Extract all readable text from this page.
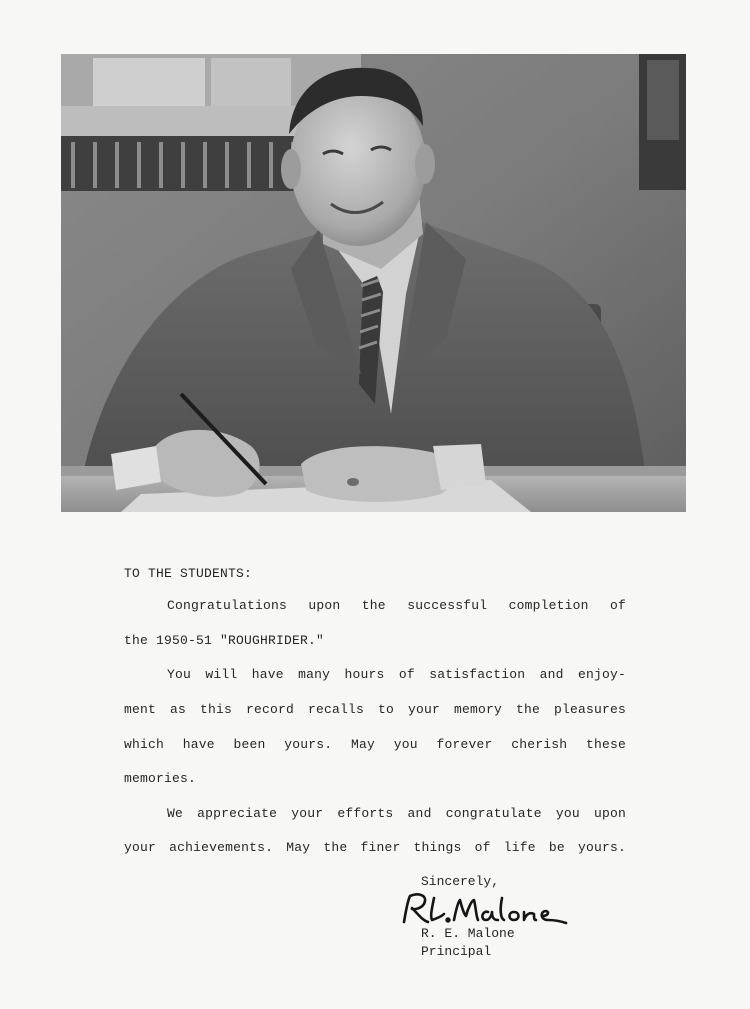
TO THE STUDENTS:
Congratulations upon the successful completion of
the 1950-51 "ROUGHRIDER."
You will have many hours of satisfaction and enjoy-
ment as this record recalls to your memory the pleasures
which have been yours. May you forever cherish these
memories.
We appreciate your efforts and congratulate you upon
your achievements. May the finer things of life be yours.
Sincerely,
R. E. Malone
Principal
